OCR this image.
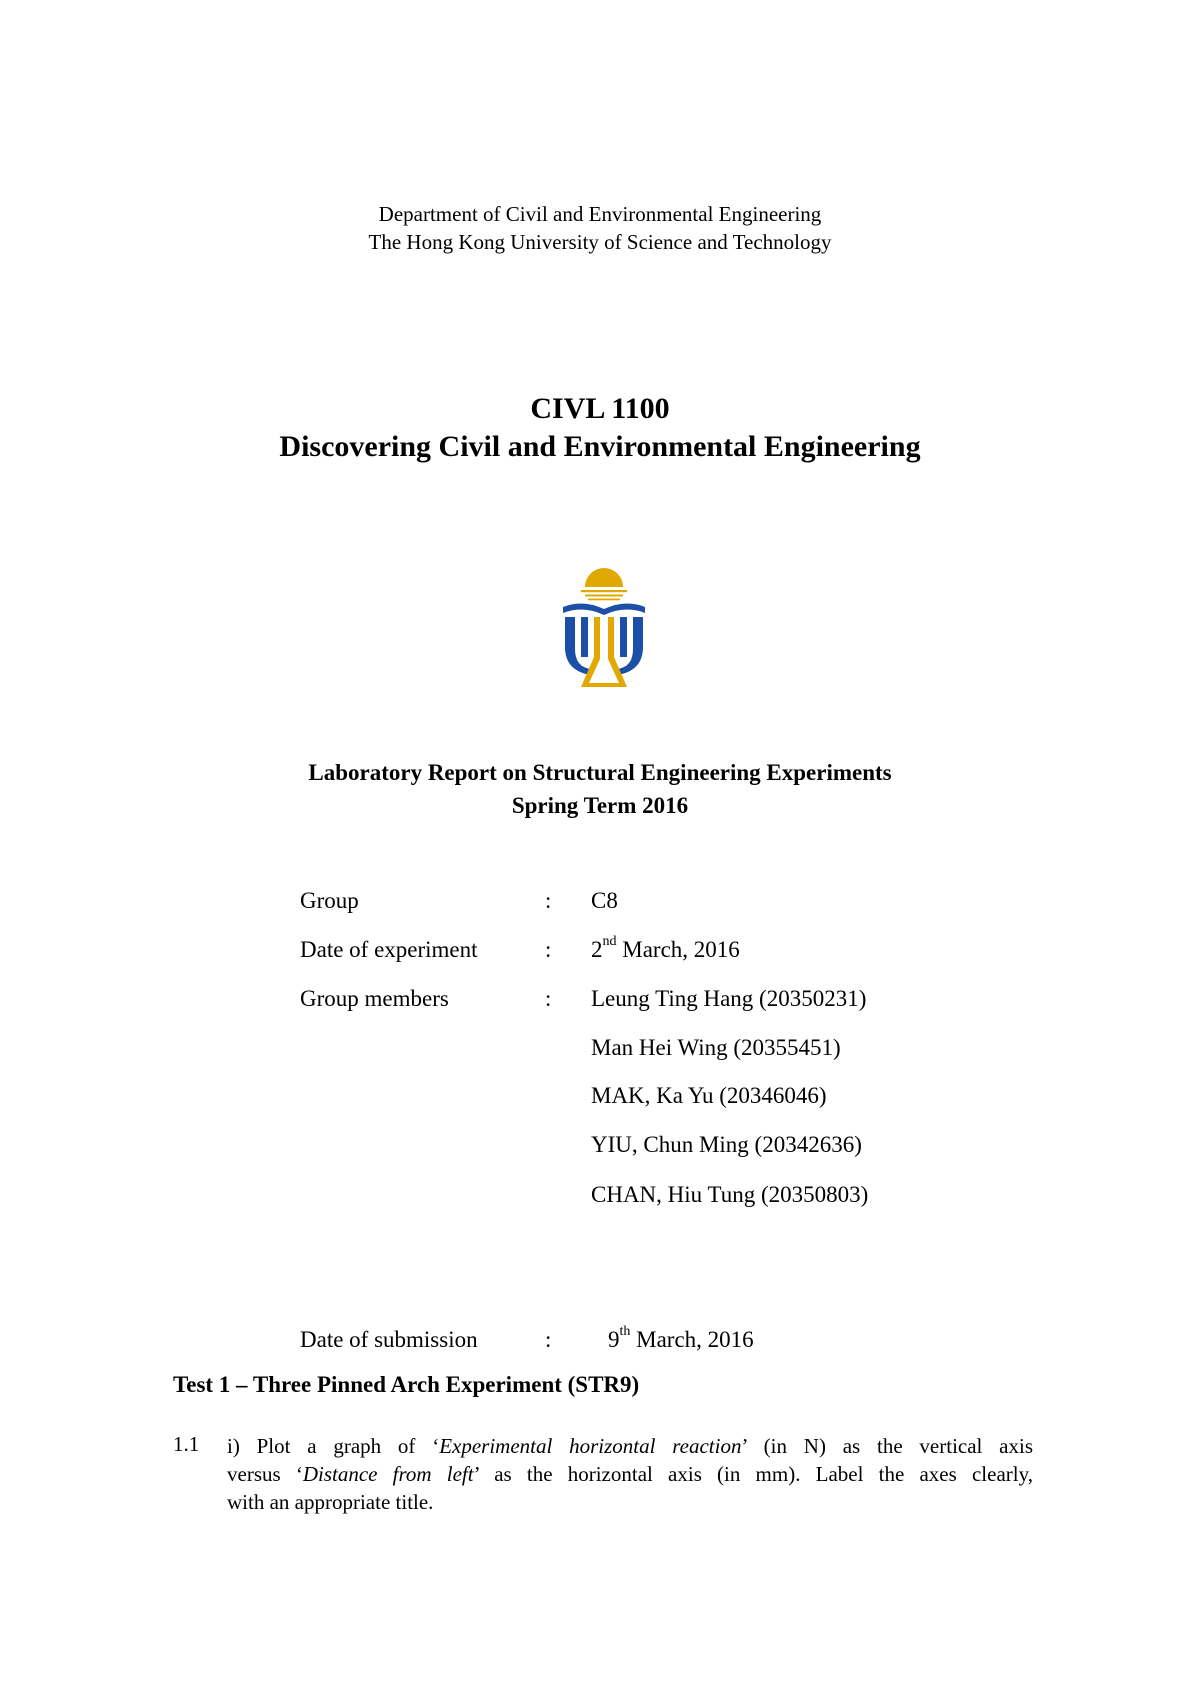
Department of Civil and Environmental Engineering
The Hong Kong University of Science and Technology
CIVL 1100
Discovering Civil and Environmental Engineering
Laboratory Report on Structural Engineering Experiments
Spring Term 2016
Group	: C8
Date of experiment	: 2nd March, 2016
Group members	: Leung Ting Hang (20350231)
Man Hei Wing (20355451)
MAK, Ka Yu (20346046)
YIU, Chun Ming (20342636)
CHAN, Hiu Tung (20350803)
Date of submission	: 9th March, 2016
Test 1 – Three Pinned Arch Experiment (STR9)
1.1 i) Plot a graph of ‘Experimental horizontal reaction’ (in N) as the vertical axis
versus ‘Distance from left’ as the horizontal axis (in mm). Label the axes clearly,
with an appropriate title.
